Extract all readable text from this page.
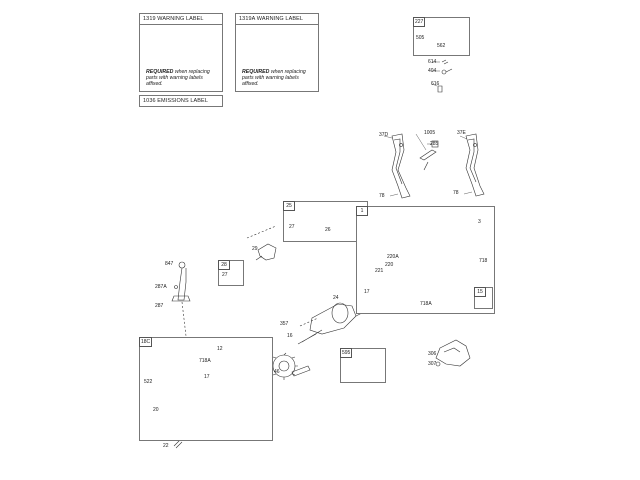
1319 WARNING LABEL
REQUIRED when replacing
parts with warning labels
affixed.
WARNING
1319A WARNING LABEL
REQUIRED when replacing
parts with warning labels
affixed.
1036 EMISSIONS LABEL
227
505
562
614
404
616
37D	1005	37E
285
78	78
25
27	26
1
3
220A
220
221
718
17
718A
15
29
28
27
847
287A
287
24
357
16
18C
12
718A
17
522
20
46
22
595	306
307
